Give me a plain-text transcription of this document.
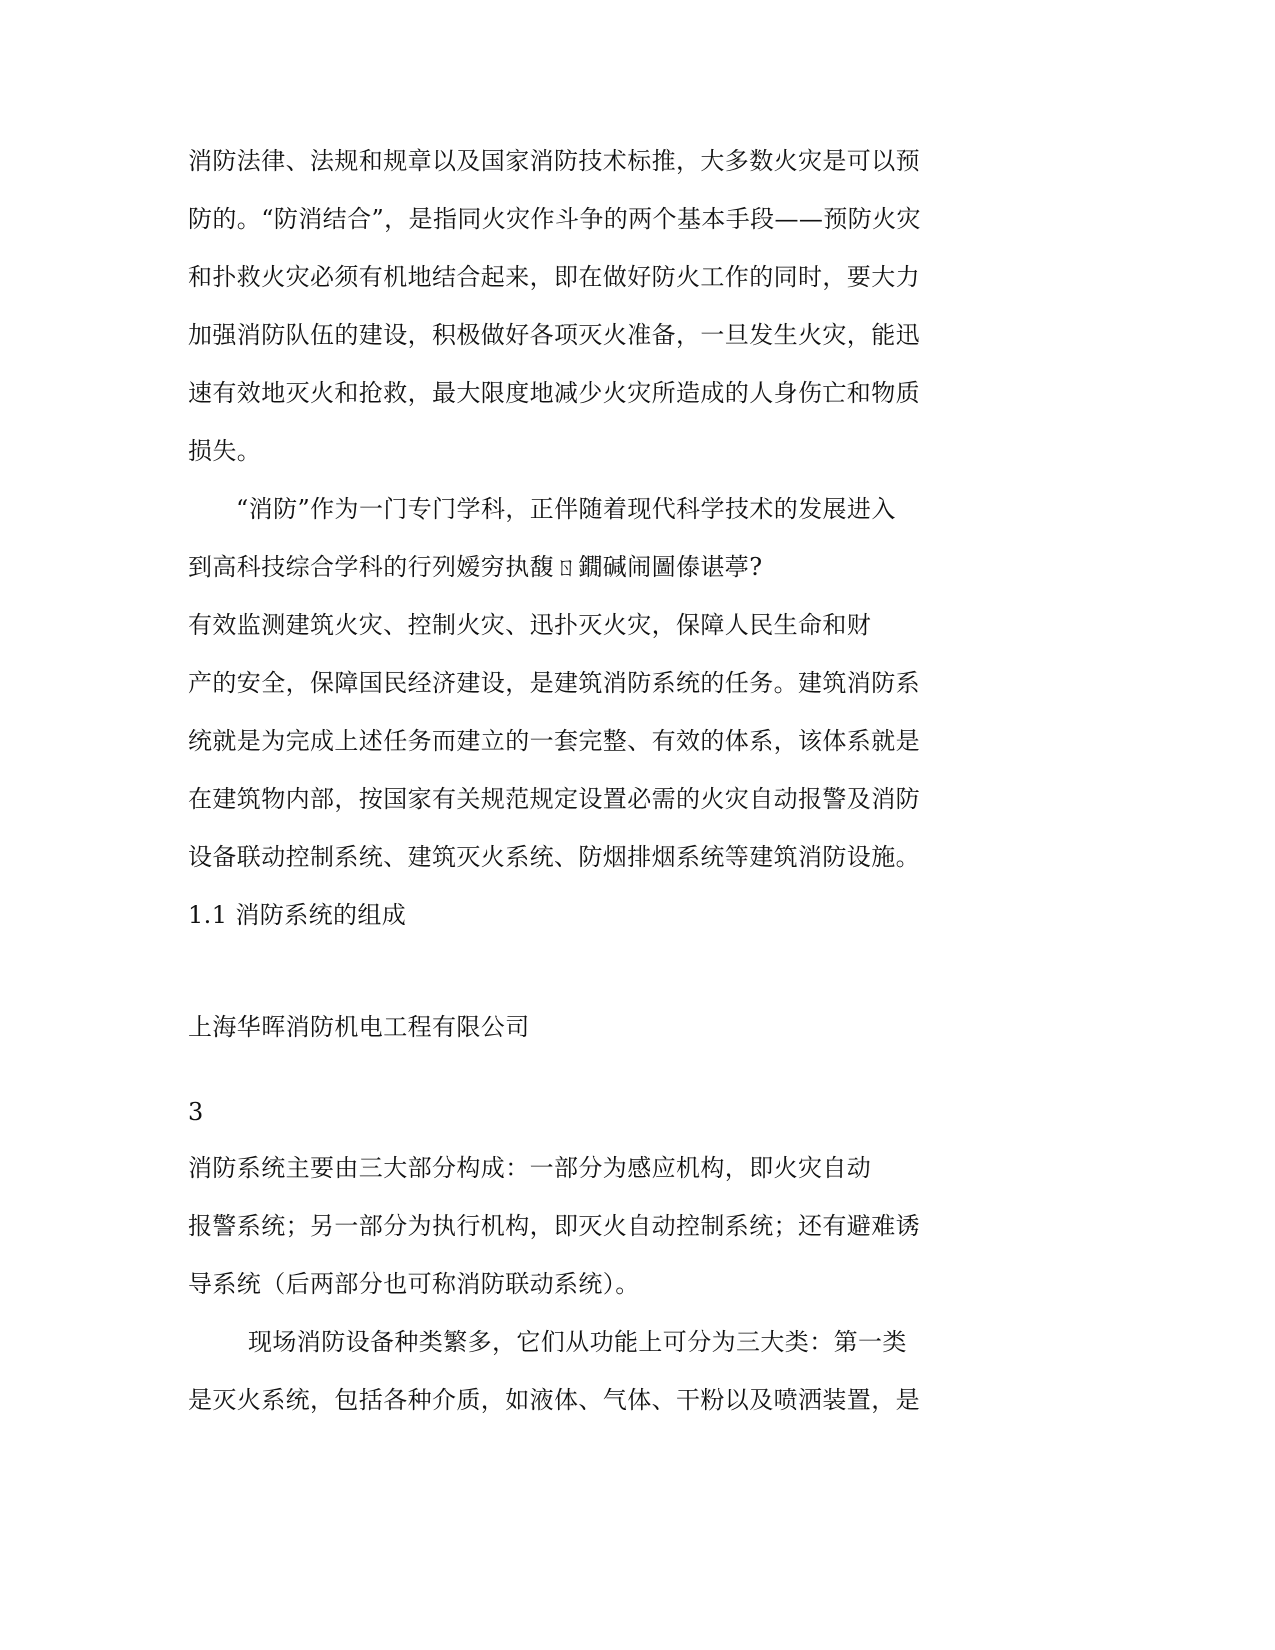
消防法律、法规和规章以及国家消防技术标推，大多数火灾是可以预
防的。“防消结合”，是指同火灾作斗争的两个基本手段——预防火灾
和扑救火灾必须有机地结合起来，即在做好防火工作的同时，要大力
加强消防队伍的建设，积极做好各项灭火准备，一旦发生火灾，能迅
速有效地灭火和抢救，最大限度地减少火灾所造成的人身伤亡和物质
损失。
“消防”作为一门专门学科，正伴随着现代科学技术的发展进入
到高科技综合学科的行列嫒穷执馥ㄖ鐗碱闹圖傣谌葶?
有效监测建筑火灾、控制火灾、迅扑灭火灾，保障人民生命和财
产的安全，保障国民经济建设，是建筑消防系统的任务。建筑消防系
统就是为完成上述任务而建立的一套完整、有效的体系，该体系就是
在建筑物内部，按国家有关规范规定设置必需的火灾自动报警及消防
设备联动控制系统、建筑灭火系统、防烟排烟系统等建筑消防设施。
1.1 消防系统的组成
上海华晖消防机电工程有限公司
3
消防系统主要由三大部分构成：一部分为感应机构，即火灾自动
报警系统；另一部分为执行机构，即灭火自动控制系统；还有避难诱
导系统（后两部分也可称消防联动系统）。
现场消防设备种类繁多，它们从功能上可分为三大类：第一类
是灭火系统，包括各种介质，如液体、气体、干粉以及喷洒装置，是
